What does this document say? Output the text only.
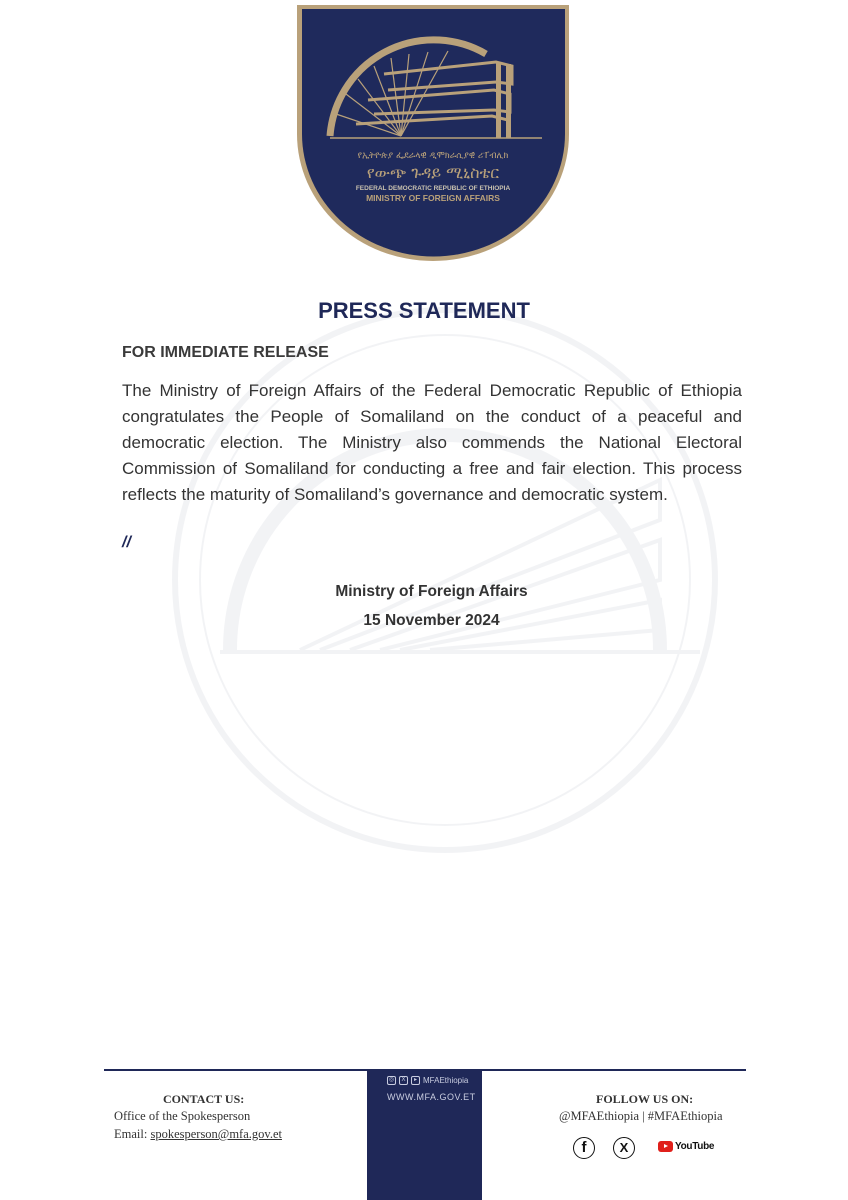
የኢትዮጵያ ፌደራላዊ ዲሞክራሲያዊ ሪፐብሊክ
የውጭ ጉዳይ ሚኒስቴር
FEDERAL DEMOCRATIC REPUBLIC OF ETHIOPIA
MINISTRY OF FOREIGN AFFAIRS
PRESS STATEMENT
FOR IMMEDIATE RELEASE
The Ministry of Foreign Affairs of the Federal Democratic Republic of Ethiopia congratulates the People of Somaliland on the conduct of a peaceful and democratic election. The Ministry also commends the National Electoral Commission of Somaliland for conducting a free and fair election. This process reflects the maturity of Somaliland’s governance and democratic system.
//
Ministry of Foreign Affairs
15 November 2024
◎	X	▸ MFAEthiopia
WWW.MFA.GOV.ET
CONTACT US:
Office of the Spokesperson
Email: spokesperson@mfa.gov.et
FOLLOW US ON:
@MFAEthiopia | #MFAEthiopia
f	X	YouTube
